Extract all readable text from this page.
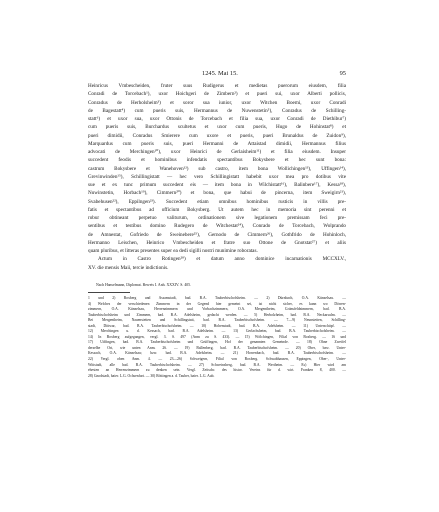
1245. Mai 15.	95

Heinricus Vmbescheiden, fruter suus Rudigerus et medietas puerorum eiusdem, filia

Conradi de Torcebach¹), uxor Hoichgeri de Zimbern²) et pueri sui, uxor Alberti pollicis,

Conradus de Herholsheim³) et soror sua iunior, uxor Witchen Boemi, uxor Conradi

de Bagestatt⁴) cum pueris suis, Hermannus de Nuwenstetin⁵), Conradus de Schilling-

statt⁶) et uxor sua, uxor Ottonis de Torcebach et filia sua, uxor Conradi de Diethibur⁷)

cum pueris suis, Burchardus scultetus et uxor cum pueris, Hugo de Hohinstat⁸) et

pueri dimidii, Conradus Smierere cum uxore et pueris, pueri Brunaldus de Zuidon⁹),

Marquardus cum pueris suis, pueri Hermanni de Attaistad dimidii, Hermannus filius

advocati de Merchingen¹⁰), uxor Heinrici de Gerlaisheim¹¹) et filia eiusdem. Insuper

succedent feodis et hominibus infendatis spectantibus Bokysbere et hec sunt bona:

castrum Bokysbere et Wanehoven¹²) sub castro, item bona Wollichingen¹³), Uffingen¹⁴),

Grevinwinden¹⁵), Schillingistatt — hec vero Schillingistatt habebit uxor mea pro dotibus vite

sue et ex tunc primum succedent eis — item bona in Wilchistatt¹⁶), Balinbere¹⁷), Kessa¹⁸),

Nuwinstetin, Horbach¹⁹), Cimmern²⁰) et bona, que habui de pincerna, item Sweigirn²¹),

Svabehusen²²), Eppilngen²³). Succedent etiam omnibus hominibus rusticis in villis pre-

fatis et spectantibus ad officium Bokysberg. Ut autem hec in memoria sint perenni et

robur obtineant perpetuo valiturum, ordinationem sive legationem premissam feci pre-

sentibus et testibus domino Rudegero de Witchestat²⁴), Conrado de Torcebach, Wolprando

de Amnestat, Gofriedo de Sweinebere²⁵), Gernodo de Cimmern²⁶), Gothfrido de Hohinloch,

Hermanno Leischen, Heinrico Vmbescheiden et fratre suo Ottone de Gnotstat²⁷) et aliis

quam pluribus, et litteras presentes super ea dedi sigilli nostri munimine roboratas.

Actum in Castro Rotingen²⁸) et datum anno dominice incarnationis MCCXLV.,

XV. die mensis Maii, tercie indictionis.

Nach Hanselmann, Diplomat. Beweis I. Anh. XXXIV. S. 405.

1 und 2) Boxberg und Assamstadt, bad. B.A. Tauberbischofsheim. — 2) Dürnbach, O.A. Künzelsau. —

4) Welches der verschiedenen Zimmern in der Gegend hier gemeint sei, ist nicht sicher, es kann wo Dörren-

zimmern, O.A. Künzelsau, Herrenzimmern und Vorbachzimmern, O.A. Mergentheim, Grünsfeldzimmern, bad. B.A.

Tauberbischofsheim und Zimmern, bad. B.A. Adelsheim, gedacht werden. — 5) Herbolzheim, bad. B.A. Neckarsulm. —

Bei Mergentheim, Nauenstetten und Schillingstatt, bad. B.A. Tauberbischofsheim. — 7—9) Neunstetten, Schilling-

stadt, Dittwar, bad. B.A. Tauberbischofsheim. — 10) Hohenstadt, bad. B.A. Adelsheim. — 11) Unterschüpf. —

12) Merchingen u. d. Kessach, bad. B.A. Adelsheim. — 13) Gerlachsheim, bad. B.A. Tauberbischofsheim. —

14) In Boxberg aufgegangen, vergl. 3. S. 497 (Anm zu S. 433). — 15) Wölchingen, Filial von Boxberg. — 16 und

17) Uiffingen, bad. B.A. Tauberbischofsheim und Grüffingen, Hof der genannten Gemeinde. — 18) Ohne Zweifel

derselbe Ort, wie unten Anm. 26. — 19) Ballenberg, bad. B.A. Tauberbischofsheim. — 20) Ober, bzw. Unter-

Kessach, O.A. Künzelsau; bzw. bad. B.A. Adelsheim. — 21) Horrenbach, bad. B.A. Tauberbischofsheim. —

22) Vergl. oben Anm. 4. — 23—26) Schweigern, Filial von Boxberg. Schwabhausen, Eppingen, Ober-, Unter-

Wittstadt, alle bad. B.A. Tauberbischofsheim. — 27) Schweinsberg, bad. B.A. Wertheim. — Es) Hier wird am

ehesten an Herrenzimmern zu denken sein. Vergl. Zeitschr. des histor. Vereins für d. wirt. Franken 8, 400. —

28) Gnodstadt, baier. L.G. Ochsenfurt. — 30) Röttingen a. d. Tauber, baier. L.G. Aub.
